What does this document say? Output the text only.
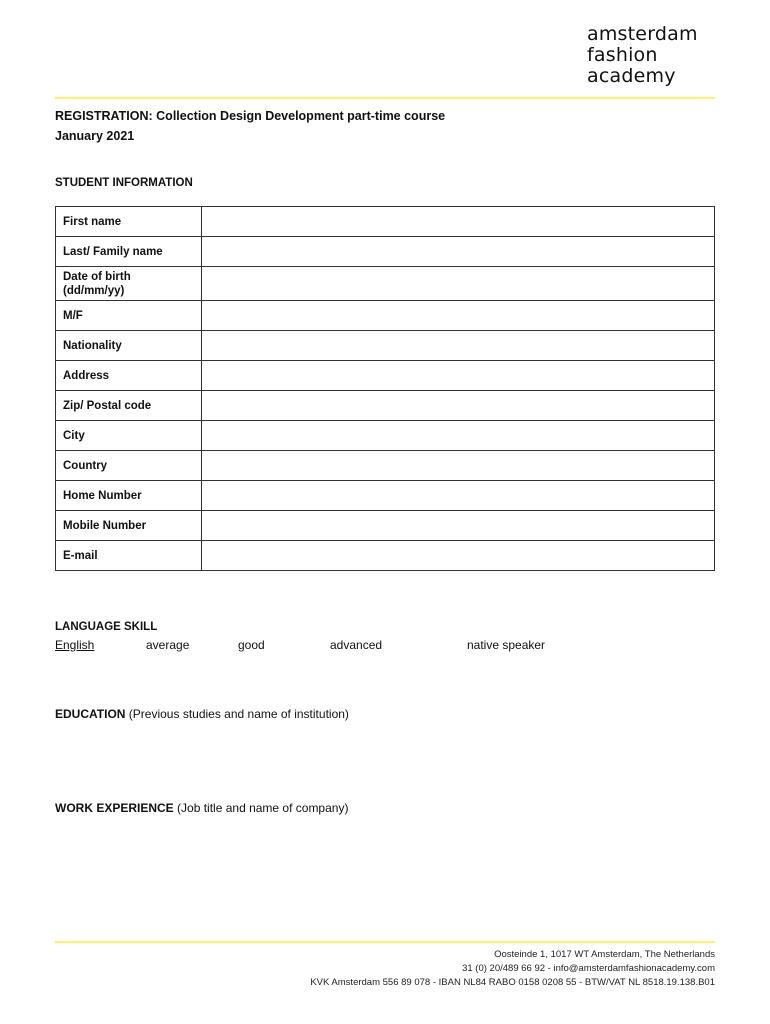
amsterdam
fashion
academy
REGISTRATION: Collection Design Development part-time course
January 2021
STUDENT INFORMATION
First name	
Last/ Family name	
Date of birth (dd/mm/yy)	
M/F	
Nationality	
Address	
Zip/ Postal code	
City	
Country	
Home Number	
Mobile Number	
E-mail	
LANGUAGE SKILL
English	average	good	advanced	native speaker
EDUCATION (Previous studies and name of institution)
WORK EXPERIENCE (Job title and name of company)
Oosteinde 1, 1017 WT Amsterdam, The Netherlands
31 (0) 20/489 66 92 - info@amsterdamfashionacademy.com
KVK Amsterdam 556 89 078 - IBAN NL84 RABO 0158 0208 55 - BTW/VAT NL 8518.19.138.B01
